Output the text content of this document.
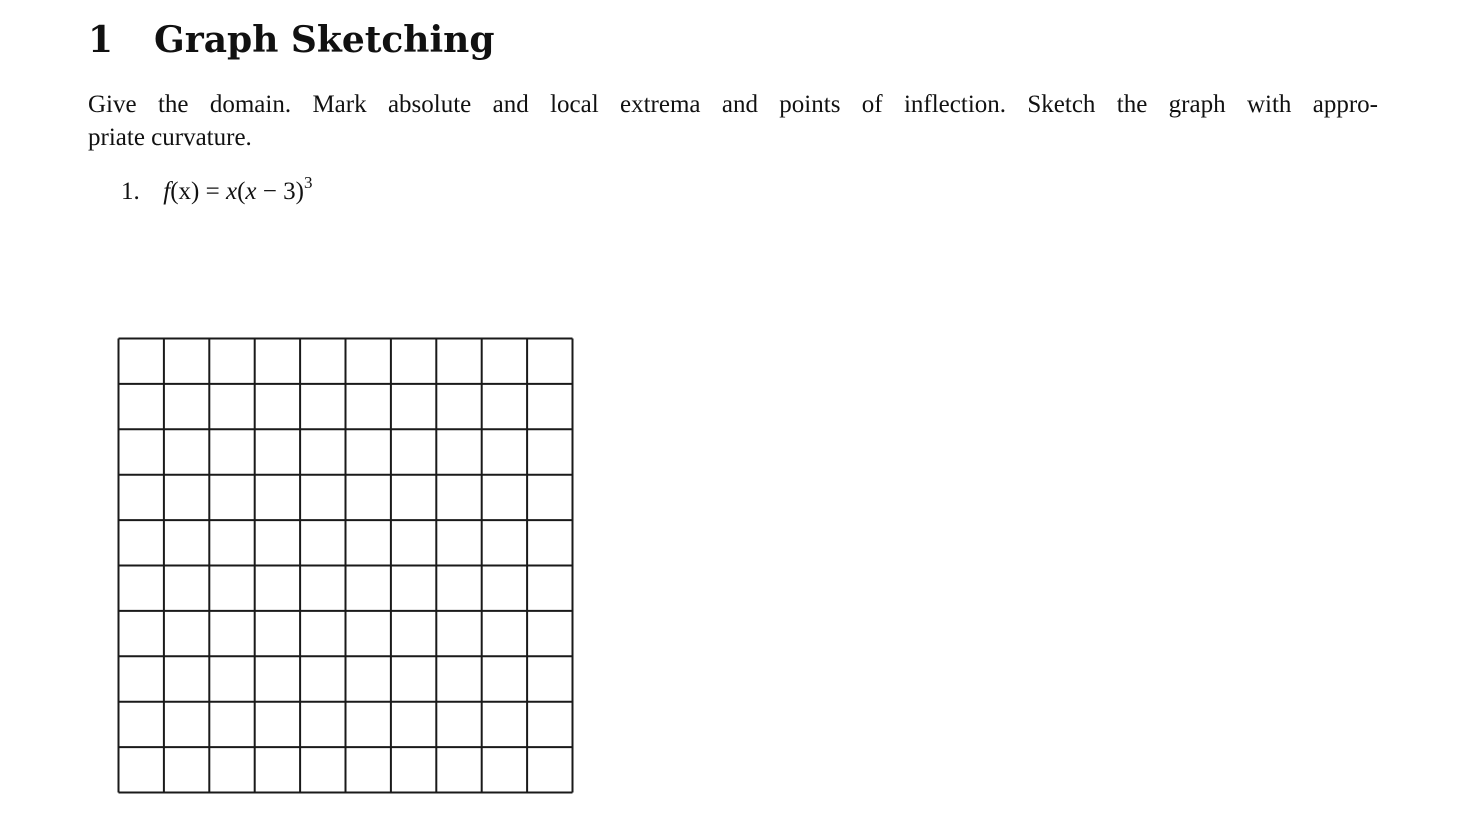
1 Graph Sketching

Give the domain. Mark absolute and local extrema and points of inflection. Sketch the graph with appro-
priate curvature.

1. $f(x) = x(x - 3)^3$
